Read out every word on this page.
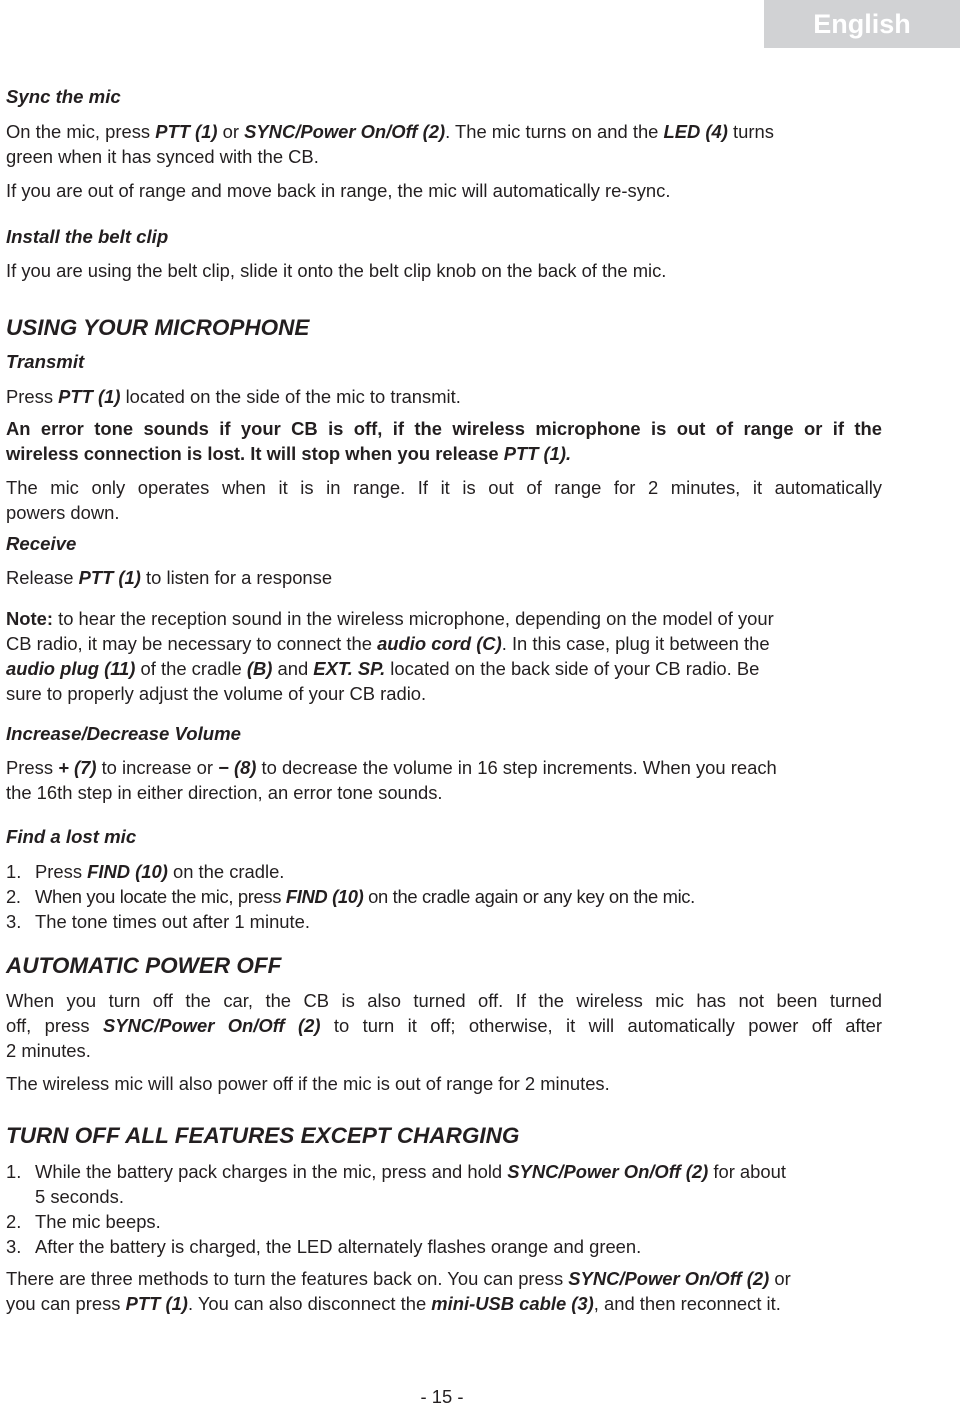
English

Sync the mic

On the mic, press PTT (1) or SYNC/Power On/Off (2). The mic turns on and the LED (4) turns

green when it has synced with the CB.

If you are out of range and move back in range, the mic will automatically re-sync.

Install the belt clip

If you are using the belt clip, slide it onto the belt clip knob on the back of the mic.

USING YOUR MICROPHONE

Transmit

Press PTT (1) located on the side of the mic to transmit.

An error tone sounds if your CB is off, if the wireless microphone is out of range or if the

wireless connection is lost. It will stop when you release PTT (1).

The mic only operates when it is in range. If it is out of range for 2 minutes, it automatically

powers down.

Receive

Release PTT (1) to listen for a response

Note: to hear the reception sound in the wireless microphone, depending on the model of your

CB radio, it may be necessary to connect the audio cord (C). In this case, plug it between the

audio plug (11) of the cradle (B) and EXT. SP. located on the back side of your CB radio. Be

sure to properly adjust the volume of your CB radio.

Increase/Decrease Volume

Press + (7) to increase or − (8) to decrease the volume in 16 step increments. When you reach

the 16th step in either direction, an error tone sounds.

Find a lost mic

1. Press FIND (10) on the cradle.

2. When you locate the mic, press FIND (10) on the cradle again or any key on the mic.

3. The tone times out after 1 minute.

AUTOMATIC POWER OFF

When you turn off the car, the CB is also turned off. If the wireless mic has not been turned

off, press SYNC/Power On/Off (2) to turn it off; otherwise, it will automatically power off after

2 minutes.

The wireless mic will also power off if the mic is out of range for 2 minutes.

TURN OFF ALL FEATURES EXCEPT CHARGING

1. While the battery pack charges in the mic, press and hold SYNC/Power On/Off (2) for about

5 seconds.

2. The mic beeps.

3. After the battery is charged, the LED alternately flashes orange and green.

There are three methods to turn the features back on. You can press SYNC/Power On/Off (2) or

you can press PTT (1). You can also disconnect the mini-USB cable (3), and then reconnect it.

- 15 -
